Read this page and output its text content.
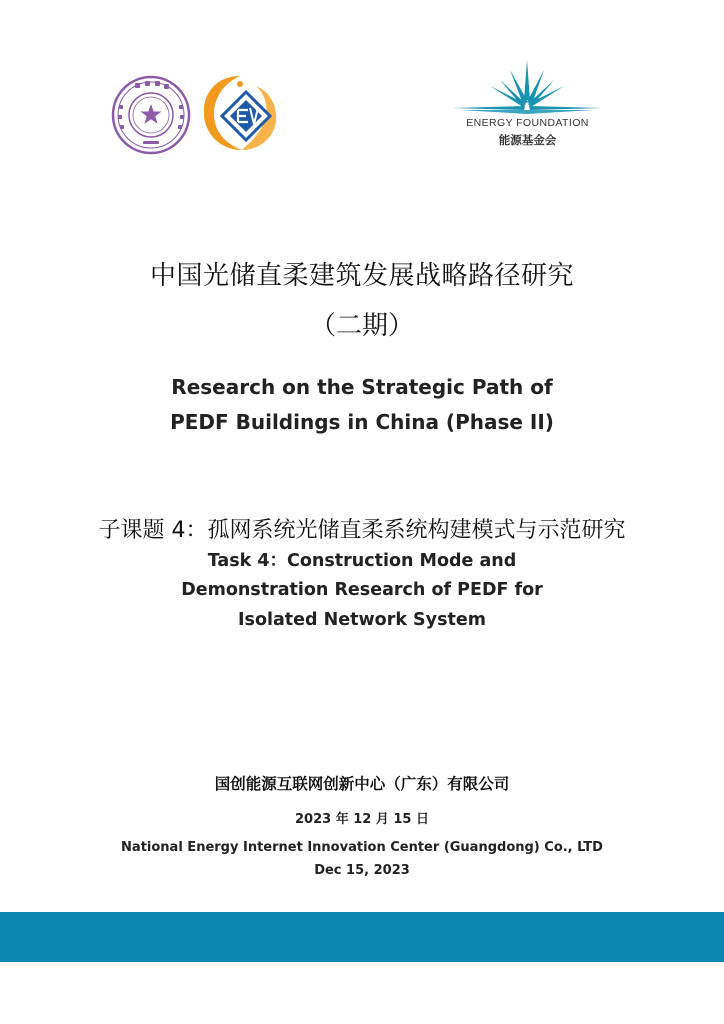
ENERGY FOUNDATION
能源基金会
中国光储直柔建筑发展战略路径研究
（二期）
Research on the Strategic Path of
PEDF Buildings in China (Phase II)
子课题 4：孤网系统光储直柔系统构建模式与示范研究
Task 4：Construction Mode and
Demonstration Research of PEDF for
Isolated Network System
国创能源互联网创新中心（广东）有限公司
2023 年 12 月 15 日
National Energy Internet Innovation Center (Guangdong) Co., LTD
Dec 15, 2023
